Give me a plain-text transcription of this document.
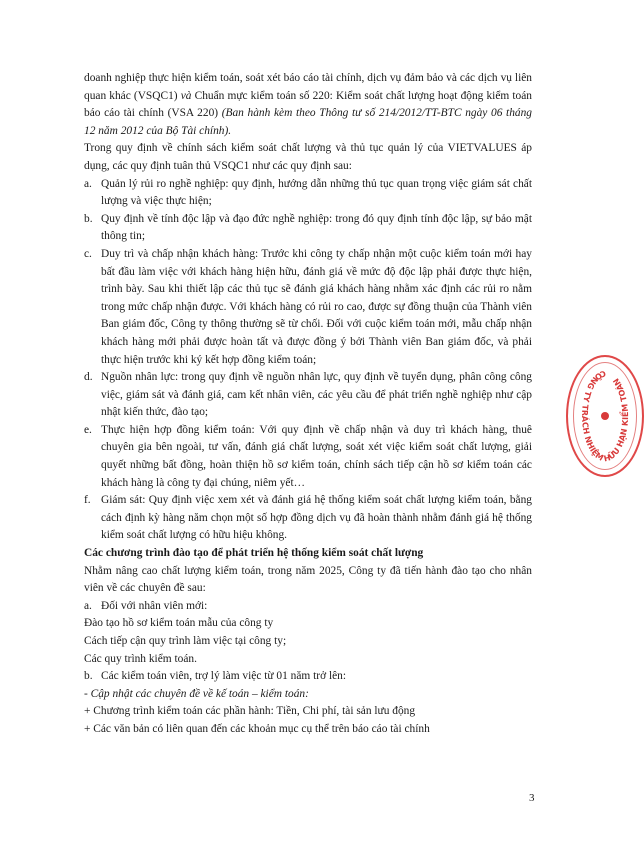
doanh nghiệp thực hiện kiểm toán, soát xét báo cáo tài chính, dịch vụ đảm bảo và các dịch vụ liên quan khác (VSQC1) và Chuẩn mực kiểm toán số 220: Kiểm soát chất lượng hoạt động kiểm toán báo cáo tài chính (VSA 220) (Ban hành kèm theo Thông tư số 214/2012/TT-BTC ngày 06 tháng 12 năm 2012 của Bộ Tài chính).

Trong quy định về chính sách kiểm soát chất lượng và thủ tục quản lý của VIETVALUES áp dụng, các quy định tuân thủ VSQC1 như các quy định sau:

a. Quản lý rủi ro nghề nghiệp: quy định, hướng dẫn những thủ tục quan trọng việc giám sát chất lượng và việc thực hiện;
b. Quy định về tính độc lập và đạo đức nghề nghiệp: trong đó quy định tính độc lập, sự bảo mật thông tin;
c. Duy trì và chấp nhận khách hàng: Trước khi công ty chấp nhận một cuộc kiểm toán mới hay bất đầu làm việc với khách hàng hiện hữu, đánh giá về mức độ độc lập phải được thực hiện, trình bày. Sau khi thiết lập các thủ tục sẽ đánh giá khách hàng nhằm xác định các rủi ro nằm trong mức chấp nhận được. Với khách hàng có rủi ro cao, được sự đồng thuận của Thành viên Ban giám đốc, Công ty thông thường sẽ từ chối. Đối với cuộc kiểm toán mới, mẫu chấp nhận khách hàng mới phải được hoàn tất và được đồng ý bởi Thành viên Ban giám đốc, và phải thực hiện trước khi ký kết hợp đồng kiểm toán;
d. Nguồn nhân lực: trong quy định về nguồn nhân lực, quy định về tuyển dụng, phân công công việc, giám sát và đánh giá, cam kết nhân viên, các yêu cầu để phát triển nghề nghiệp như cập nhật kiến thức, đào tạo;
e. Thực hiện hợp đồng kiểm toán: Với quy định về chấp nhận và duy trì khách hàng, thuê chuyên gia bên ngoài, tư vấn, đánh giá chất lượng, soát xét việc kiểm soát chất lượng, giải quyết những bất đồng, hoàn thiện hồ sơ kiểm toán, chính sách tiếp cận hồ sơ kiểm toán các khách hàng là công ty đại chúng, niêm yết…
f. Giám sát: Quy định việc xem xét và đánh giá hệ thống kiểm soát chất lượng kiểm toán, bằng cách định kỳ hàng năm chọn một số hợp đồng dịch vụ đã hoàn thành nhằm đánh giá hệ thống kiểm soát chất lượng có hữu hiệu không.

Các chương trình đào tạo để phát triển hệ thống kiểm soát chất lượng

Nhằm nâng cao chất lượng kiểm toán, trong năm 2025, Công ty đã tiến hành đào tạo cho nhân viên về các chuyên đề sau:

a. Đối với nhân viên mới:

Đào tạo hồ sơ kiểm toán mẫu của công ty

Cách tiếp cận quy trình làm việc tại công ty;

Các quy trình kiểm toán.

b. Các kiểm toán viên, trợ lý làm việc từ 01 năm trở lên:

- Cập nhật các chuyên đề về kế toán – kiểm toán:

+ Chương trình kiểm toán các phần hành: Tiền, Chi phí, tài sản lưu động

+ Các văn bản có liên quan đến các khoản mục cụ thể trên báo cáo tài chính

CÔNG TY TRÁCH NHIỆM HỮU HẠN KIỂM TOÁN
3
